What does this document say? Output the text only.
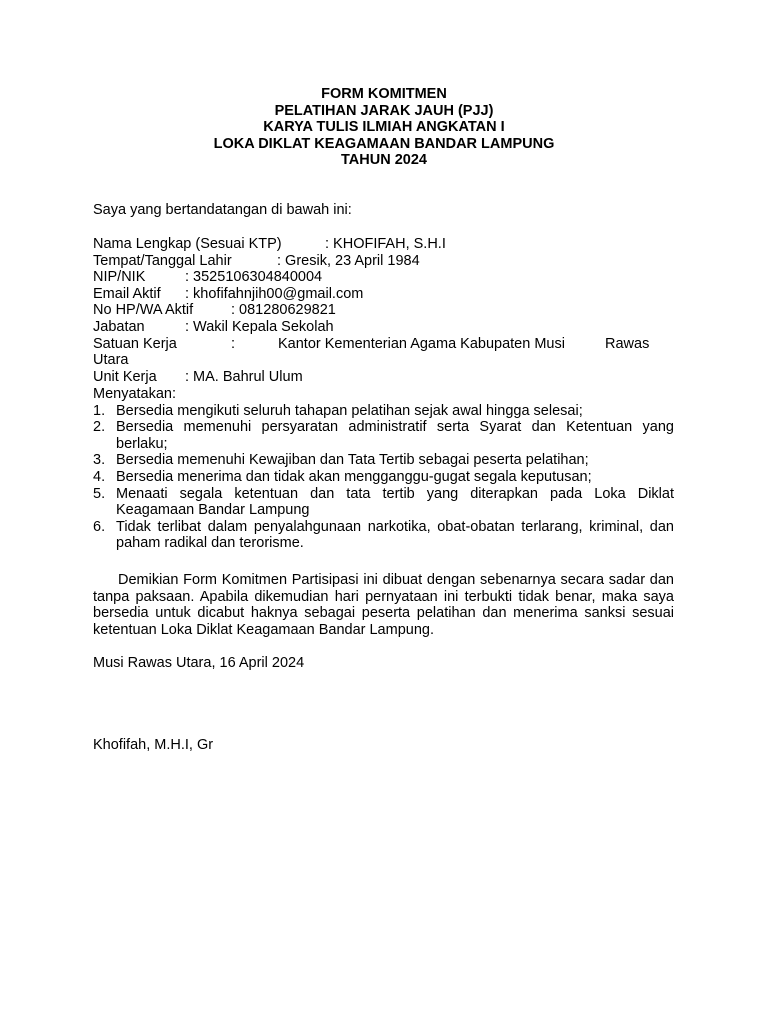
FORM KOMITMEN
PELATIHAN JARAK JAUH (PJJ)
KARYA TULIS ILMIAH ANGKATAN I
LOKA DIKLAT KEAGAMAAN BANDAR LAMPUNG
TAHUN 2024
Saya yang bertandatangan di bawah ini:
Nama Lengkap (Sesuai KTP)	: KHOFIFAH, S.H.I
Tempat/Tanggal Lahir	: Gresik, 23 April 1984
NIP/NIK	: 3525106304840004
Email Aktif : khofifahnjih00@gmail.com
No HP/WA Aktif	: 081280629821
Jabatan	: Wakil Kepala Sekolah
Satuan Kerja	:	Kantor Kementerian Agama Kabupaten Musi	Rawas
Utara
Unit Kerja : MA. Bahrul Ulum
Menyatakan:
1. Bersedia mengikuti seluruh tahapan pelatihan sejak awal hingga selesai;
2. Bersedia memenuhi persyaratan administratif serta Syarat dan Ketentuan yang berlaku;
3. Bersedia memenuhi Kewajiban dan Tata Tertib sebagai peserta pelatihan;
4. Bersedia menerima dan tidak akan mengganggu-gugat segala keputusan;
5. Menaati segala ketentuan dan tata tertib yang diterapkan pada Loka Diklat Keagamaan Bandar Lampung
6. Tidak terlibat dalam penyalahgunaan narkotika, obat-obatan terlarang, kriminal, dan paham radikal dan terorisme.
Demikian Form Komitmen Partisipasi ini dibuat dengan sebenarnya secara sadar dan tanpa paksaan. Apabila dikemudian hari pernyataan ini terbukti tidak benar, maka saya bersedia untuk dicabut haknya sebagai peserta pelatihan dan menerima sanksi sesuai ketentuan Loka Diklat Keagamaan Bandar Lampung.
Musi Rawas Utara, 16 April 2024
Khofifah, M.H.I, Gr
